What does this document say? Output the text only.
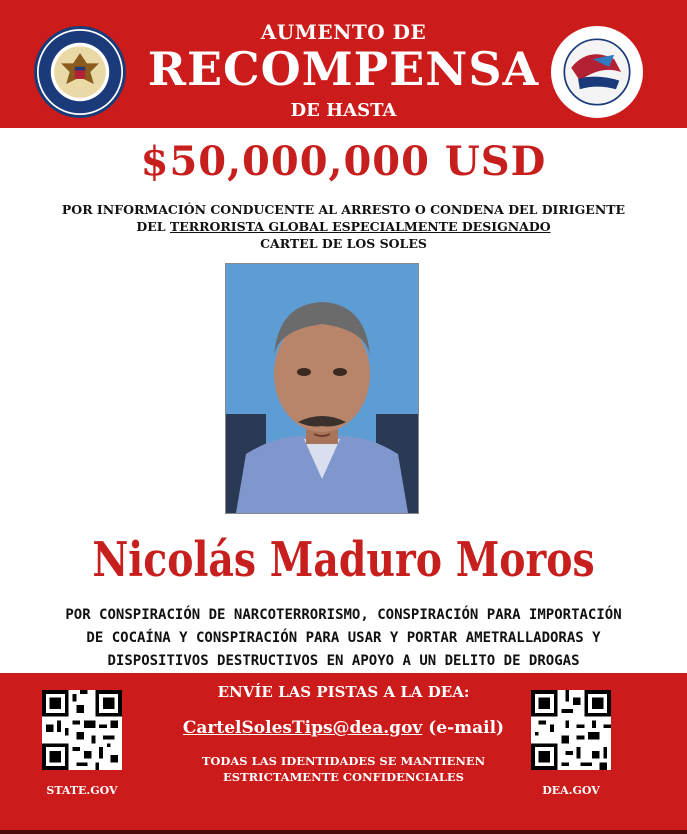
AUMENTO DE
RECOMPENSA
DE HASTA
$50,000,000 USD
POR INFORMACIÓN CONDUCENTE AL ARRESTO O CONDENA DEL DIRIGENTE
DEL TERRORISTA GLOBAL ESPECIALMENTE DESIGNADO
CARTEL DE LOS SOLES
Nicolás Maduro Moros
POR CONSPIRACIÓN DE NARCOTERRORISMO, CONSPIRACIÓN PARA IMPORTACIÓN
DE COCAÍNA Y CONSPIRACIÓN PARA USAR Y PORTAR AMETRALLADORAS Y
DISPOSITIVOS DESTRUCTIVOS EN APOYO A UN DELITO DE DROGAS
STATE.GOV
ENVÍE LAS PISTAS A LA DEA:
CartelSolesTips@dea.gov (e-mail)
TODAS LAS IDENTIDADES SE MANTIENEN
ESTRICTAMENTE CONFIDENCIALES
DEA.GOV
